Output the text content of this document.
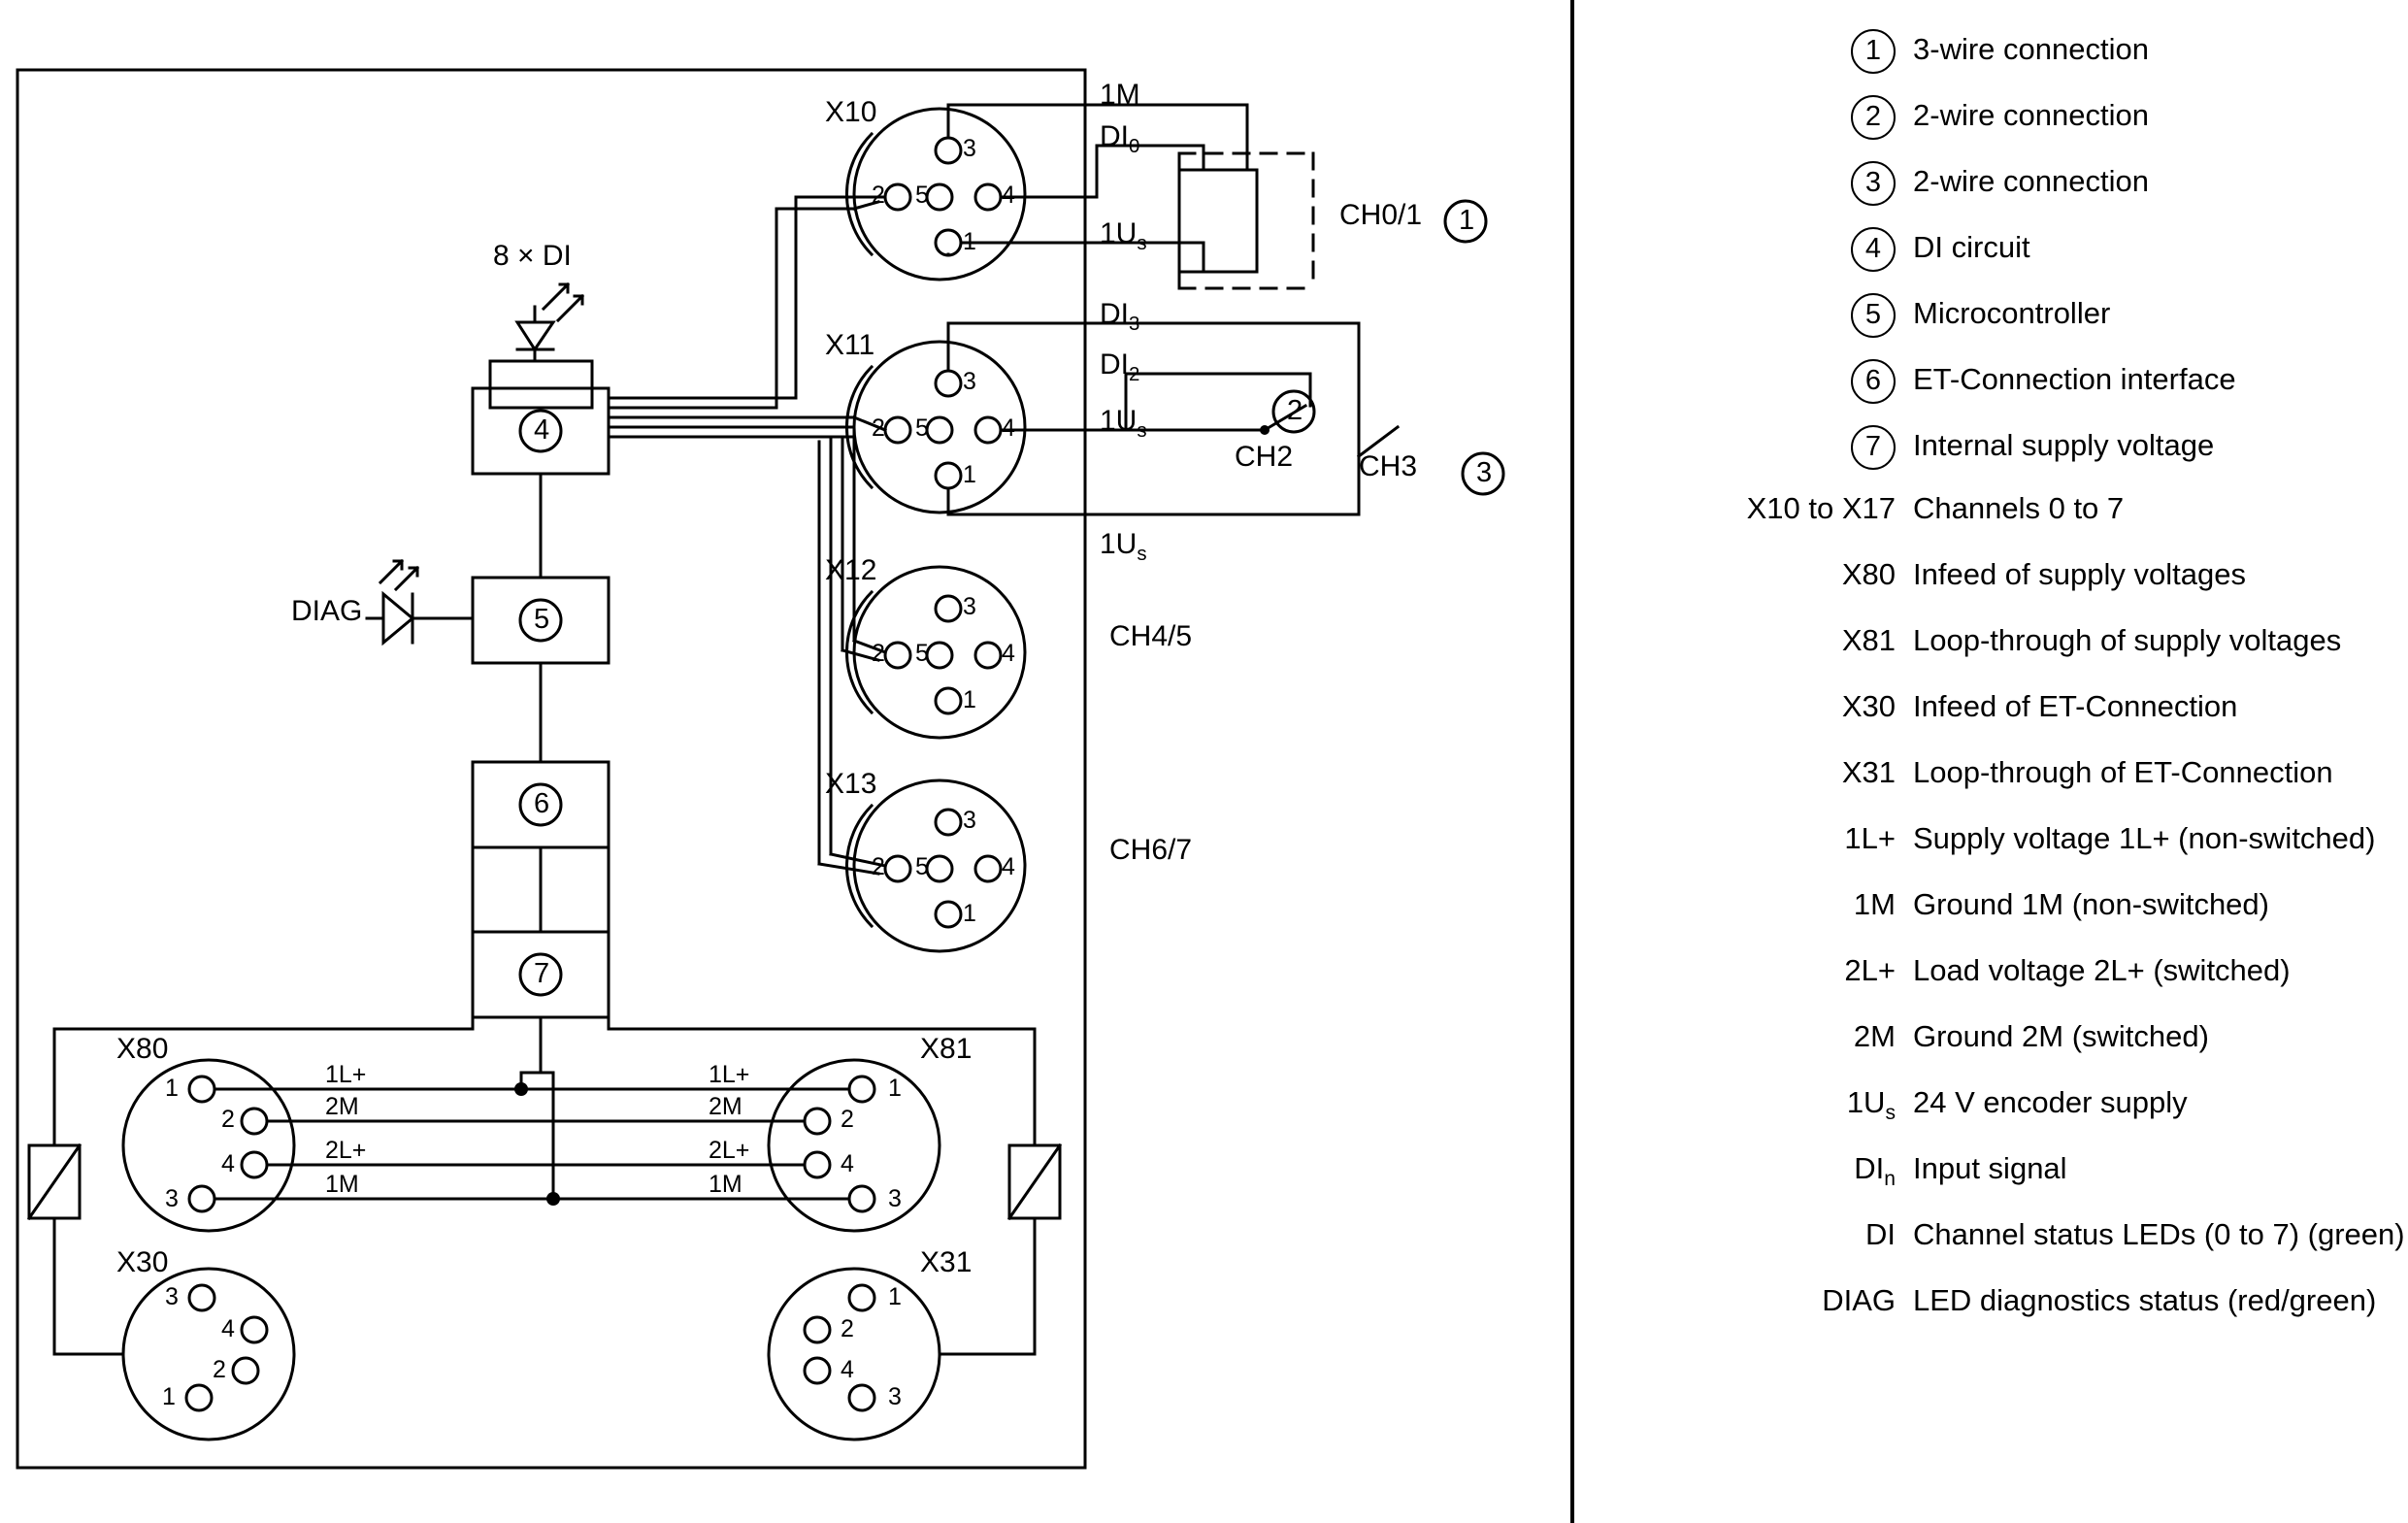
X10
X11
X12
X13
X80	X81
X30	X31
3
2 5	4
1
3
2 5	4
1
3
2 5	4
1
3
2 5	4
1
1
2
4
3
1
2
4
3
3
4
2
1
1
2
4
3
1M
$DI_0$
$1U_s$
$DI_3$
$DI_2$
$1U_s$
$1U_s$
CH0/1
CH2 CH3
CH4/5
CH6/7
1
2
3
4
5
6
7
8 × DI
DIAG
1L+
2M
2L+
1M
1L+
2M
2L+
1M
1	3-wire connection
2	2-wire connection
3	2-wire connection
4	DI circuit
5	Microcontroller
6	ET-Connection interface
7	Internal supply voltage
X10 to X17 Channels 0 to 7
X80 Infeed of supply voltages
X81 Loop-through of supply voltages
X30 Infeed of ET-Connection
X31 Loop-through of ET-Connection
1L+ Supply voltage 1L+ (non-switched)
1M Ground 1M (non-switched)
2L+ Load voltage 2L+ (switched)
2M Ground 2M (switched)
$1U_s$ 24 V encoder supply
$DI_n$ Input signal
DI Channel status LEDs (0 to 7) (green)
DIAG LED diagnostics status (red/green)
